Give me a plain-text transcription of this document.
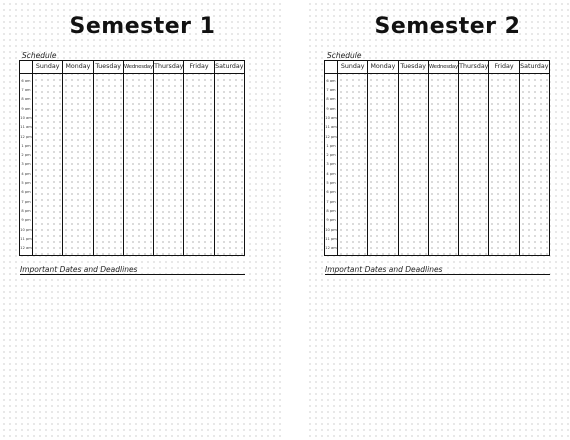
Semester 1
Schedule
Sunday Monday Tuesday Wednesday Thursday Friday	Saturday
6 am
7 am
8 am
9 am
10 am
11 am
12 pm
1 pm
2 pm
3 pm
4 pm
5 pm
6 pm
7 pm
8 pm
9 pm
10 pm
11 pm
12 am
Important Dates and Deadlines
Semester 2
Schedule
Sunday Monday Tuesday Wednesday Thursday Friday	Saturday
6 am
7 am
8 am
9 am
10 am
11 am
12 pm
1 pm
2 pm
3 pm
4 pm
5 pm
6 pm
7 pm
8 pm
9 pm
10 pm
11 pm
12 am
Important Dates and Deadlines
